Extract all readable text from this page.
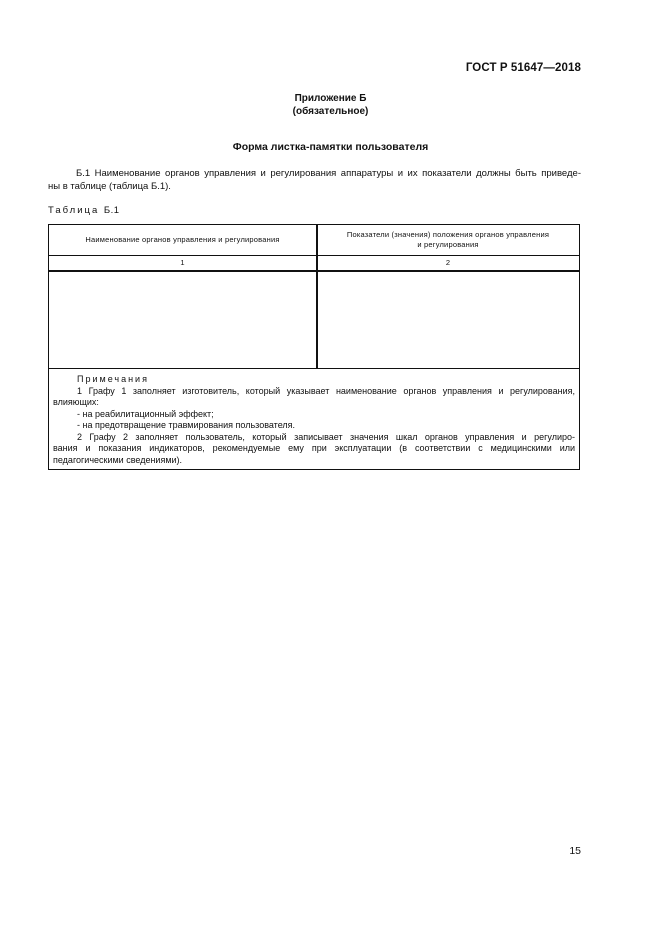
ГОСТ Р 51647—2018
Приложение Б
(обязательное)
Форма листка-памятки пользователя
Б.1 Наименование органов управления и регулирования аппаратуры и их показатели должны быть приведе-
ны в таблице (таблица Б.1).
Таблица Б.1
Наименование органов управления и регулирования
Показатели (значения) положения органов управления
и регулирования
1	2
Примечания
1 Графу 1 заполняет изготовитель, который указывает наименование органов управления и регулирования,
влияющих:
- на реабилитационный эффект;
- на предотвращение травмирования пользователя.
2 Графу 2 заполняет пользователь, который записывает значения шкал органов управления и регулиро-
вания и показания индикаторов, рекомендуемые ему при эксплуатации (в соответствии с медицинскими или
педагогическими сведениями).
15
